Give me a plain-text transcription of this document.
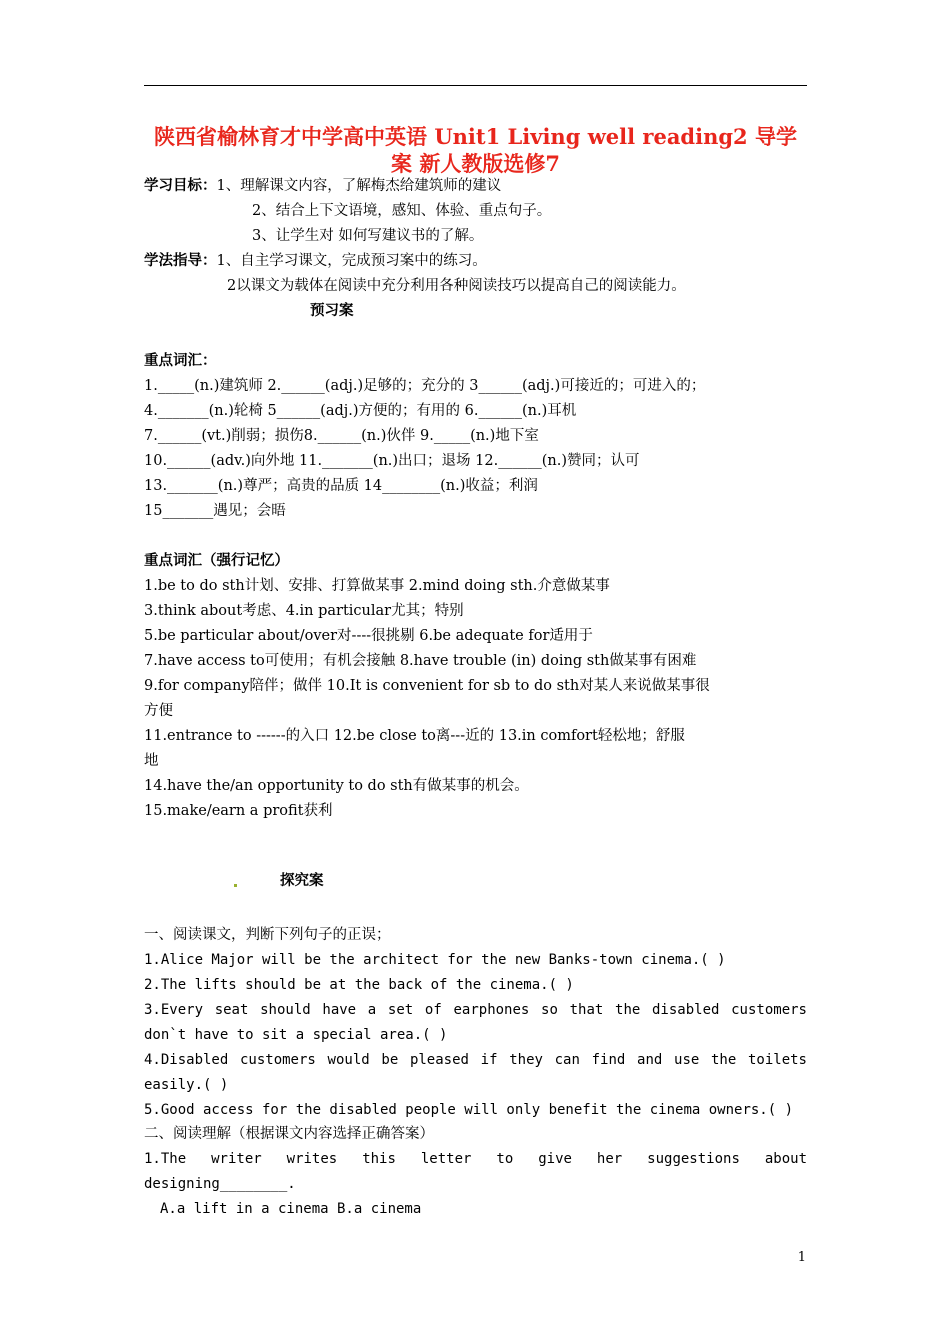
陕西省榆林育才中学高中英语 Unit1 Living well reading2 导学
案 新人教版选修7
学习目标：1、理解课文内容，了解梅杰给建筑师的建议
2、结合上下文语境，感知、体验、重点句子。
3、让学生对 如何写建议书的了解。
学法指导：1、自主学习课文，完成预习案中的练习。
2以课文为载体在阅读中充分利用各种阅读技巧以提高自己的阅读能力。
预习案
重点词汇：
1._____(n.)建筑师 2.______(adj.)足够的；充分的 3______(adj.)可接近的；可进入的；
4._______(n.)轮椅 5______(adj.)方便的；有用的 6.______(n.)耳机
7.______(vt.)削弱；损伤8.______(n.)伙伴 9._____(n.)地下室
10.______(adv.)向外地 11._______(n.)出口；退场 12.______(n.)赞同；认可
13._______(n.)尊严；高贵的品质 14________(n.)收益；利润
15_______遇见；会晤
重点词汇（强行记忆）
1.be to do sth计划、安排、打算做某事 2.mind doing sth.介意做某事
3.think about考虑、4.in particular尤其；特别
5.be particular about/over对----很挑剔 6.be adequate for适用于
7.have access to可使用；有机会接触 8.have trouble (in) doing sth做某事有困难
9.for company陪伴；做伴 10.It is convenient for sb to do sth对某人来说做某事很
方便
11.entrance to ------的入口 12.be close to离---近的 13.in comfort轻松地；舒服
地
14.have the/an opportunity to do sth有做某事的机会。
15.make/earn a profit获利
探究案
一、阅读课文，判断下列句子的正误；
1.Alice Major will be the architect for the new Banks-town cinema.( )
2.The lifts should be at the back of the cinema.( )
3.Every seat should have a set of earphones so that the disabled customers
don`t have to sit a special area.( )
4.Disabled customers would be pleased if they can find and use the toilets
easily.( )
5.Good access for the disabled people will only benefit the cinema owners.( )
二、阅读理解（根据课文内容选择正确答案）
1.The writer writes this letter to give her suggestions about
designing________.
A.a lift in a cinema B.a cinema
1
